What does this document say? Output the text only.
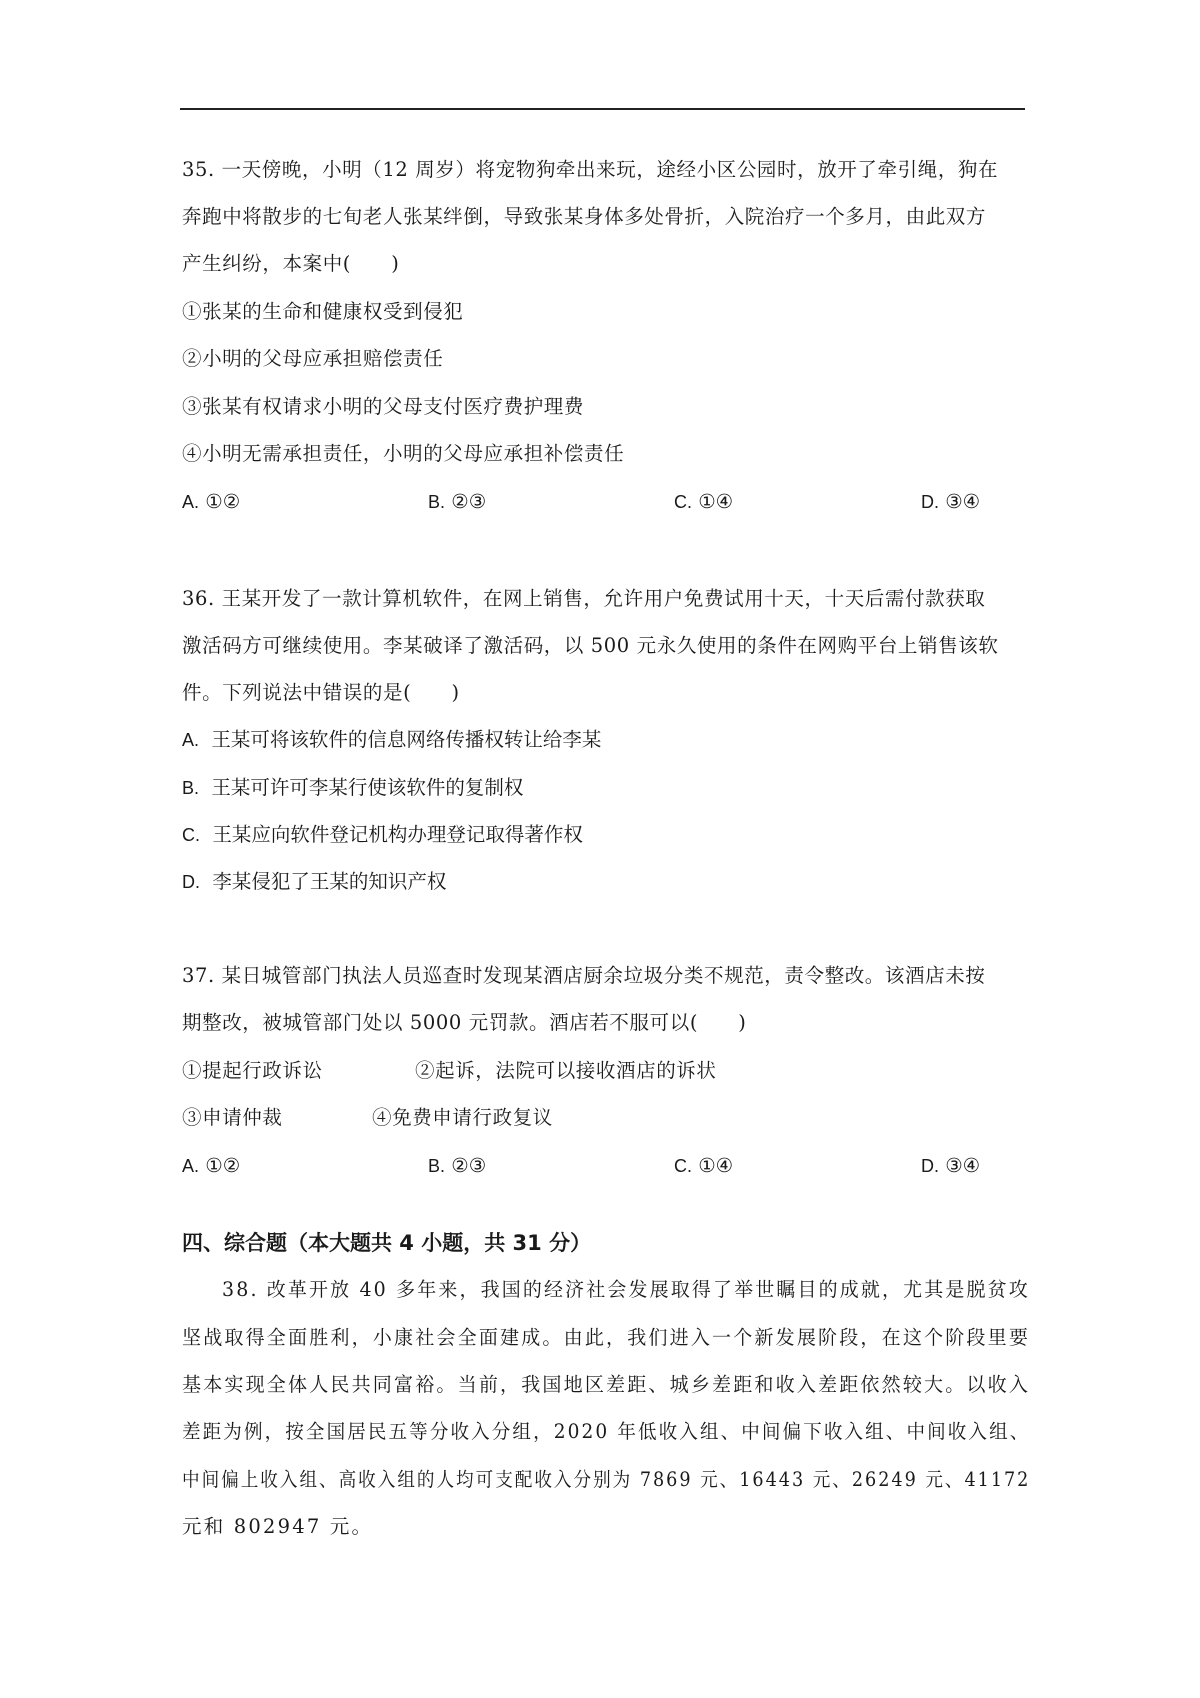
35. 一天傍晚，小明（12 周岁）将宠物狗牵出来玩，途经小区公园时，放开了牵引绳，狗在
奔跑中将散步的七旬老人张某绊倒，导致张某身体多处骨折，入院治疗一个多月，由此双方
产生纠纷，本案中(　　)
①张某的生命和健康权受到侵犯
②小明的父母应承担赔偿责任
③张某有权请求小明的父母支付医疗费护理费
④小明无需承担责任，小明的父母应承担补偿责任
A. ①②	B. ②③	C. ①④	D. ③④
36. 王某开发了一款计算机软件，在网上销售，允许用户免费试用十天，十天后需付款获取
激活码方可继续使用。李某破译了激活码，以 500 元永久使用的条件在网购平台上销售该软
件。下列说法中错误的是(　　)
A. 王某可将该软件的信息网络传播权转让给李某
B. 王某可许可李某行使该软件的复制权
C. 王某应向软件登记机构办理登记取得著作权
D. 李某侵犯了王某的知识产权
37. 某日城管部门执法人员巡查时发现某酒店厨余垃圾分类不规范，责令整改。该酒店未按
期整改，被城管部门处以 5000 元罚款。酒店若不服可以(　　)
①提起行政诉讼	②起诉，法院可以接收酒店的诉状
③申请仲裁	④免费申请行政复议
A. ①②	B. ②③	C. ①④	D. ③④
四、综合题（本大题共 4 小题，共 31 分）
38. 改革开放 40 多年来，我国的经济社会发展取得了举世瞩目的成就，尤其是脱贫攻
坚战取得全面胜利，小康社会全面建成。由此，我们进入一个新发展阶段，在这个阶段里要
基本实现全体人民共同富裕。当前，我国地区差距、城乡差距和收入差距依然较大。以收入
差距为例，按全国居民五等分收入分组，2020 年低收入组、中间偏下收入组、中间收入组、
中间偏上收入组、高收入组的人均可支配收入分别为 7869 元、16443 元、26249 元、41172
元和 802947 元。
